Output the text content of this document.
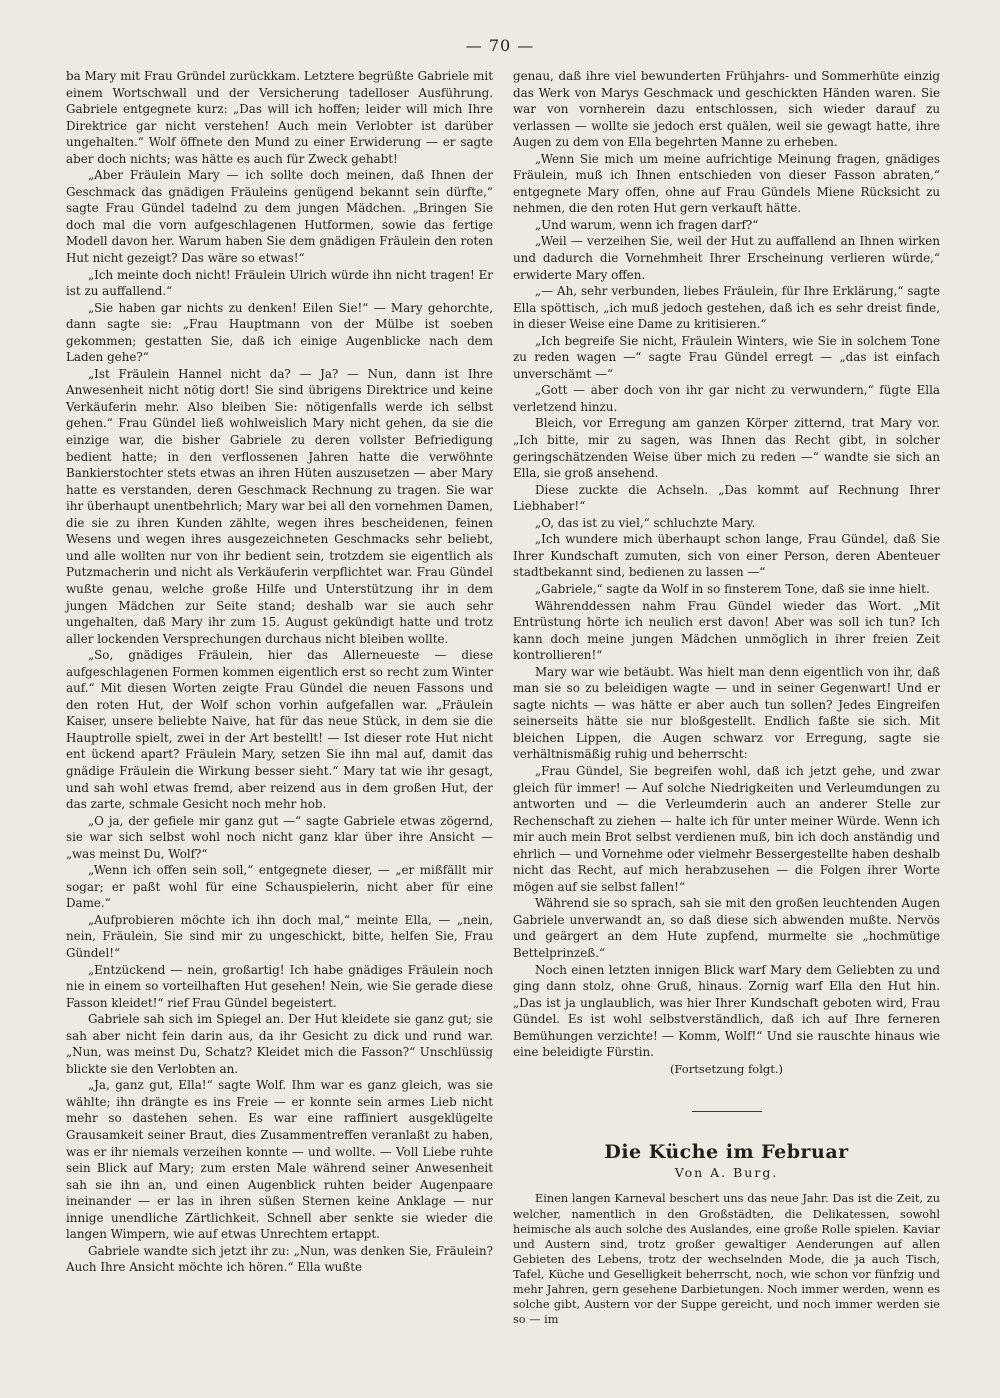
— 70 —

ba Mary mit Frau Gründel zurückkam. Letztere begrüßte Gabriele mit einem Wortschwall und der Versicherung tadelloser Ausführung. Gabriele entgegnete kurz: „Das will ich hoffen; leider will mich Ihre Direktrice gar nicht verstehen! Auch mein Verlobter ist darüber ungehalten.“ Wolf öffnete den Mund zu einer Erwiderung — er sagte aber doch nichts; was hätte es auch für Zweck gehabt!

„Aber Fräulein Mary — ich sollte doch meinen, daß Ihnen der Geschmack das gnädigen Fräuleins genügend bekannt sein dürfte,“ sagte Frau Gündel tadelnd zu dem jungen Mädchen. „Bringen Sie doch mal die vorn aufgeschlagenen Hutformen, sowie das fertige Modell davon her. Warum haben Sie dem gnädigen Fräulein den roten Hut nicht gezeigt? Das wäre so etwas!“

„Ich meinte doch nicht! Fräulein Ulrich würde ihn nicht tragen! Er ist zu auffallend.“

„Sie haben gar nichts zu denken! Eilen Sie!“ — Mary gehorchte, dann sagte sie: „Frau Hauptmann von der Mülbe ist soeben gekommen; gestatten Sie, daß ich einige Augenblicke nach dem Laden gehe?“

„Ist Fräulein Hannel nicht da? — Ja? — Nun, dann ist Ihre Anwesenheit nicht nötig dort! Sie sind übrigens Direktrice und keine Verkäuferin mehr. Also bleiben Sie: nötigenfalls werde ich selbst gehen.“ Frau Gündel ließ wohlweislich Mary nicht gehen, da sie die einzige war, die bisher Gabriele zu deren vollster Befriedigung bedient hatte; in den verflossenen Jahren hatte die verwöhnte Bankierstochter stets etwas an ihren Hüten auszusetzen — aber Mary hatte es verstanden, deren Geschmack Rechnung zu tragen. Sie war ihr überhaupt unentbehrlich; Mary war bei all den vornehmen Damen, die sie zu ihren Kunden zählte, wegen ihres bescheidenen, feinen Wesens und wegen ihres ausgezeichneten Geschmacks sehr beliebt, und alle wollten nur von ihr bedient sein, trotzdem sie eigentlich als Putzmacherin und nicht als Verkäuferin verpflichtet war. Frau Gündel wußte genau, welche große Hilfe und Unterstützung ihr in dem jungen Mädchen zur Seite stand; deshalb war sie auch sehr ungehalten, daß Mary ihr zum 15. August gekündigt hatte und trotz aller lockenden Versprechungen durchaus nicht bleiben wollte.

„So, gnädiges Fräulein, hier das Allerneueste — diese aufgeschlagenen Formen kommen eigentlich erst so recht zum Winter auf.“ Mit diesen Worten zeigte Frau Gündel die neuen Fassons und den roten Hut, der Wolf schon vorhin aufgefallen war. „Fräulein Kaiser, unsere beliebte Naive, hat für das neue Stück, in dem sie die Hauptrolle spielt, zwei in der Art bestellt! — Ist dieser rote Hut nicht ent ückend apart? Fräulein Mary, setzen Sie ihn mal auf, damit das gnädige Fräulein die Wirkung besser sieht.“ Mary tat wie ihr gesagt, und sah wohl etwas fremd, aber reizend aus in dem großen Hut, der das zarte, schmale Gesicht noch mehr hob.

„O ja, der gefiele mir ganz gut —“ sagte Gabriele etwas zögernd, sie war sich selbst wohl noch nicht ganz klar über ihre Ansicht — „was meinst Du, Wolf?“

„Wenn ich offen sein soll,“ entgegnete dieser, — „er mißfällt mir sogar; er paßt wohl für eine Schauspielerin, nicht aber für eine Dame.“

„Aufprobieren möchte ich ihn doch mal,“ meinte Ella, — „nein, nein, Fräulein, Sie sind mir zu ungeschickt, bitte, helfen Sie, Frau Gündel!“

„Entzückend — nein, großartig! Ich habe gnädiges Fräulein noch nie in einem so vorteilhaften Hut gesehen! Nein, wie Sie gerade diese Fasson kleidet!“ rief Frau Gündel begeistert.

Gabriele sah sich im Spiegel an. Der Hut kleidete sie ganz gut; sie sah aber nicht fein darin aus, da ihr Gesicht zu dick und rund war. „Nun, was meinst Du, Schatz? Kleidet mich die Fasson?“ Unschlüssig blickte sie den Verlobten an.

„Ja, ganz gut, Ella!“ sagte Wolf. Ihm war es ganz gleich, was sie wählte; ihn drängte es ins Freie — er konnte sein armes Lieb nicht mehr so dastehen sehen. Es war eine raffiniert ausgeklügelte Grausamkeit seiner Braut, dies Zusammentreffen veranlaßt zu haben, was er ihr niemals verzeihen konnte — und wollte. — Voll Liebe ruhte sein Blick auf Mary; zum ersten Male während seiner Anwesenheit sah sie ihn an, und einen Augenblick ruhten beider Augenpaare ineinander — er las in ihren süßen Sternen keine Anklage — nur innige unendliche Zärtlichkeit. Schnell aber senkte sie wieder die langen Wimpern, wie auf etwas Unrechtem ertappt.

Gabriele wandte sich jetzt ihr zu: „Nun, was denken Sie, Fräulein? Auch Ihre Ansicht möchte ich hören.“ Ella wußte

genau, daß ihre viel bewunderten Frühjahrs- und Sommerhüte einzig das Werk von Marys Geschmack und geschickten Händen waren. Sie war von vornherein dazu entschlossen, sich wieder darauf zu verlassen — wollte sie jedoch erst quälen, weil sie gewagt hatte, ihre Augen zu dem von Ella begehrten Manne zu erheben.

„Wenn Sie mich um meine aufrichtige Meinung fragen, gnädiges Fräulein, muß ich Ihnen entschieden von dieser Fasson abraten,“ entgegnete Mary offen, ohne auf Frau Gündels Miene Rücksicht zu nehmen, die den roten Hut gern verkauft hätte.

„Und warum, wenn ich fragen darf?“

„Weil — verzeihen Sie, weil der Hut zu auffallend an Ihnen wirken und dadurch die Vornehmheit Ihrer Erscheinung verlieren würde,“ erwiderte Mary offen.

„— Ah, sehr verbunden, liebes Fräulein, für Ihre Erklärung,“ sagte Ella spöttisch, „ich muß jedoch gestehen, daß ich es sehr dreist finde, in dieser Weise eine Dame zu kritisieren.“

„Ich begreife Sie nicht, Fräulein Winters, wie Sie in solchem Tone zu reden wagen —“ sagte Frau Gündel erregt — „das ist einfach unverschämt —“

„Gott — aber doch von ihr gar nicht zu verwundern,“ fügte Ella verletzend hinzu.

Bleich, vor Erregung am ganzen Körper zitternd, trat Mary vor. „Ich bitte, mir zu sagen, was Ihnen das Recht gibt, in solcher geringschätzenden Weise über mich zu reden —“ wandte sie sich an Ella, sie groß ansehend.

Diese zuckte die Achseln. „Das kommt auf Rechnung Ihrer Liebhaber!“

„O, das ist zu viel,“ schluchzte Mary.

„Ich wundere mich überhaupt schon lange, Frau Gündel, daß Sie Ihrer Kundschaft zumuten, sich von einer Person, deren Abenteuer stadtbekannt sind, bedienen zu lassen —“

„Gabriele,“ sagte da Wolf in so finsterem Tone, daß sie inne hielt.

Währenddessen nahm Frau Gündel wieder das Wort. „Mit Entrüstung hörte ich neulich erst davon! Aber was soll ich tun? Ich kann doch meine jungen Mädchen unmöglich in ihrer freien Zeit kontrollieren!“

Mary war wie betäubt. Was hielt man denn eigentlich von ihr, daß man sie so zu beleidigen wagte — und in seiner Gegenwart! Und er sagte nichts — was hätte er aber auch tun sollen? Jedes Eingreifen seinerseits hätte sie nur bloßgestellt. Endlich faßte sie sich. Mit bleichen Lippen, die Augen schwarz vor Erregung, sagte sie verhältnismäßig ruhig und beherrscht:

„Frau Gündel, Sie begreifen wohl, daß ich jetzt gehe, und zwar gleich für immer! — Auf solche Niedrigkeiten und Verleumdungen zu antworten und — die Verleumderin auch an anderer Stelle zur Rechenschaft zu ziehen — halte ich für unter meiner Würde. Wenn ich mir auch mein Brot selbst verdienen muß, bin ich doch anständig und ehrlich — und Vornehme oder vielmehr Bessergestellte haben deshalb nicht das Recht, auf mich herabzusehen — die Folgen ihrer Worte mögen auf sie selbst fallen!“

Während sie so sprach, sah sie mit den großen leuchtenden Augen Gabriele unverwandt an, so daß diese sich abwenden mußte. Nervös und geärgert an dem Hute zupfend, murmelte sie „hochmütige Bettelprinzeß.“

Noch einen letzten innigen Blick warf Mary dem Geliebten zu und ging dann stolz, ohne Gruß, hinaus. Zornig warf Ella den Hut hin. „Das ist ja unglaublich, was hier Ihrer Kundschaft geboten wird, Frau Gündel. Es ist wohl selbstverständlich, daß ich auf Ihre ferneren Bemühungen verzichte! — Komm, Wolf!“ Und sie rauschte hinaus wie eine beleidigte Fürstin.

(Fortsetzung folgt.)

Die Küche im Februar
Von A. Burg.

Einen langen Karneval beschert uns das neue Jahr. Das ist die Zeit, zu welcher, namentlich in den Großstädten, die Delikatessen, sowohl heimische als auch solche des Auslandes, eine große Rolle spielen. Kaviar und Austern sind, trotz großer gewaltiger Aenderungen auf allen Gebieten des Lebens, trotz der wechselnden Mode, die ja auch Tisch, Tafel, Küche und Geselligkeit beherrscht, noch, wie schon vor fünfzig und mehr Jahren, gern gesehene Darbietungen. Noch immer werden, wenn es solche gibt, Austern vor der Suppe gereicht, und noch immer werden sie so — im
